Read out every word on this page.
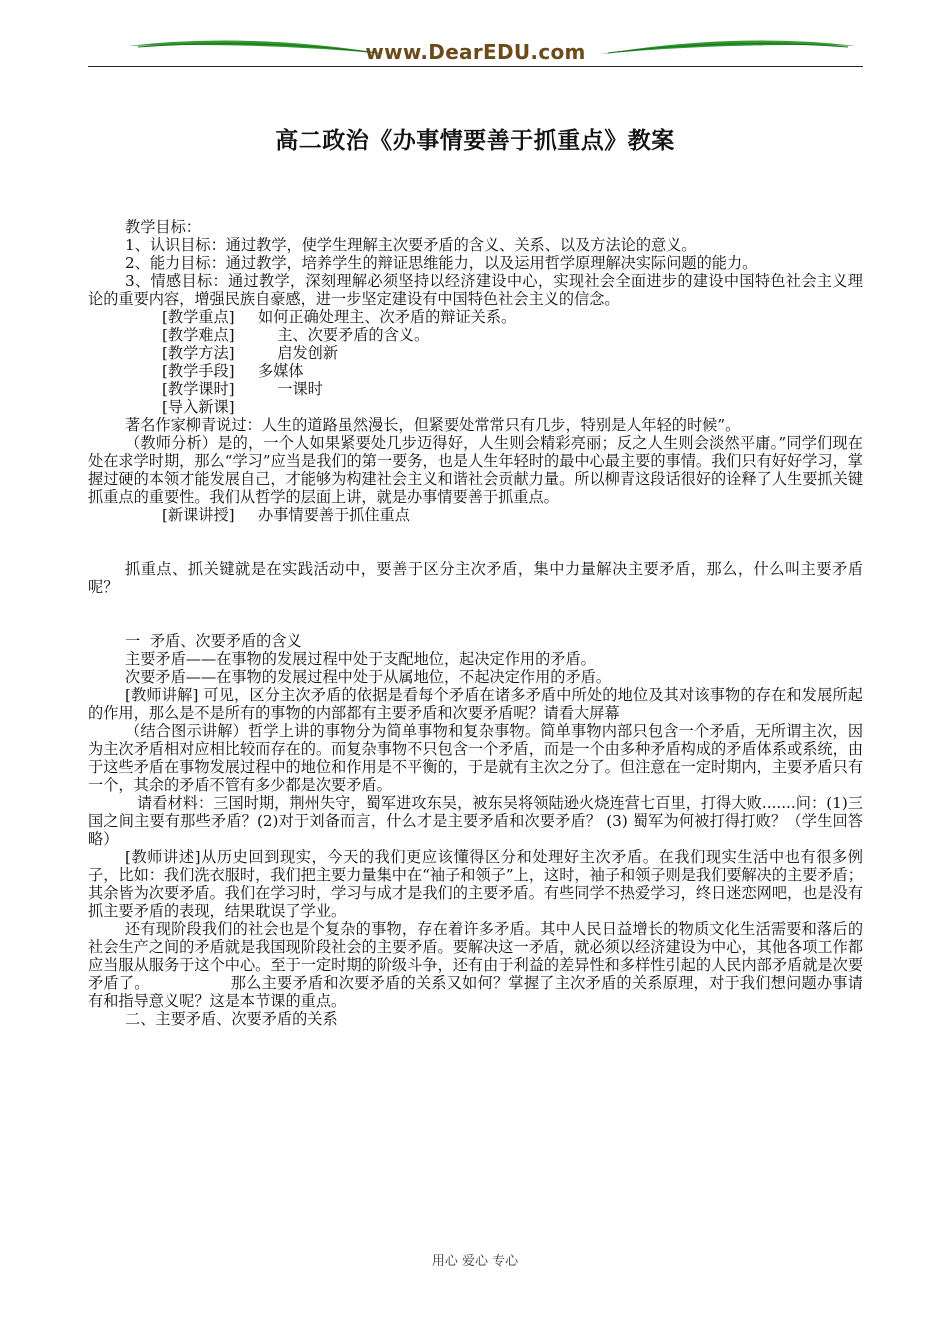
www.DearEDU.com
高二政治《办事情要善于抓重点》教案

教学目标：

1、认识目标：通过教学，使学生理解主次要矛盾的含义、关系、以及方法论的意义。

2、能力目标：通过教学，培养学生的辩证思维能力，以及运用哲学原理解决实际问题的能力。

3、情感目标：通过教学，深刻理解必须坚持以经济建设中心，实现社会全面进步的建设中国特色社会主义理论的重要内容，增强民族自豪感，进一步坚定建设有中国特色社会主义的信念。

[教学重点] 如何正确处理主、次矛盾的辩证关系。

[教学难点]    主、次要矛盾的含义。

[教学方法]    启发创新

[教学手段] 多媒体

[教学课时]    一课时

[导入新课]

著名作家柳青说过：人生的道路虽然漫长，但紧要处常常只有几步，特别是人年轻的时候”。

（教师分析）是的，一个人如果紧要处几步迈得好，人生则会精彩亮丽；反之人生则会淡然平庸。”同学们现在处在求学时期，那么“学习”应当是我们的第一要务，也是人生年轻时的最中心最主要的事情。我们只有好好学习，掌握过硬的本领才能发展自己，才能够为构建社会主义和谐社会贡献力量。所以柳青这段话很好的诠释了人生要抓关键抓重点的重要性。我们从哲学的层面上讲，就是办事情要善于抓重点。

[新课讲授] 办事情要善于抓住重点

抓重点、抓关键就是在实践活动中，要善于区分主次矛盾，集中力量解决主要矛盾，那么，什么叫主要矛盾呢？

一  矛盾、次要矛盾的含义

主要矛盾——在事物的发展过程中处于支配地位，起决定作用的矛盾。

次要矛盾——在事物的发展过程中处于从属地位，不起决定作用的矛盾。

[教师讲解] 可见，区分主次矛盾的依据是看每个矛盾在诸多矛盾中所处的地位及其对该事物的存在和发展所起的作用，那么是不是所有的事物的内部都有主要矛盾和次要矛盾呢？请看大屏幕

（结合图示讲解）哲学上讲的事物分为简单事物和复杂事物。简单事物内部只包含一个矛盾，无所谓主次，因为主次矛盾相对应相比较而存在的。而复杂事物不只包含一个矛盾，而是一个由多种矛盾构成的矛盾体系或系统，由于这些矛盾在事物发展过程中的地位和作用是不平衡的，于是就有主次之分了。但注意在一定时期内，主要矛盾只有一个，其余的矛盾不管有多少都是次要矛盾。

请看材料：三国时期，荆州失守，蜀军进攻东吴，被东吴将领陆逊火烧连营七百里，打得大败.......问：(1)三国之间主要有那些矛盾？(2)对于刘备而言，什么才是主要矛盾和次要矛盾？ (3) 蜀军为何被打得打败？（学生回答略）

[教师讲述]从历史回到现实，今天的我们更应该懂得区分和处理好主次矛盾。在我们现实生活中也有很多例子，比如：我们洗衣服时，我们把主要力量集中在“袖子和领子”上，这时，袖子和领子则是我们要解决的主要矛盾；其余皆为次要矛盾。我们在学习时，学习与成才是我们的主要矛盾。有些同学不热爱学习，终日迷恋网吧，也是没有抓主要矛盾的表现，结果耽误了学业。

还有现阶段我们的社会也是个复杂的事物，存在着许多矛盾。其中人民日益增长的物质文化生活需要和落后的社会生产之间的矛盾就是我国现阶段社会的主要矛盾。要解决这一矛盾，就必须以经济建设为中心，其他各项工作都应当服从服务于这个中心。至于一定时期的阶级斗争，还有由于利益的差异性和多样性引起的人民内部矛盾就是次要矛盾了。                那么主要矛盾和次要矛盾的关系又如何？掌握了主次矛盾的关系原理，对于我们想问题办事请有和指导意义呢？这是本节课的重点。

二、主要矛盾、次要矛盾的关系

用心 爱心 专心
